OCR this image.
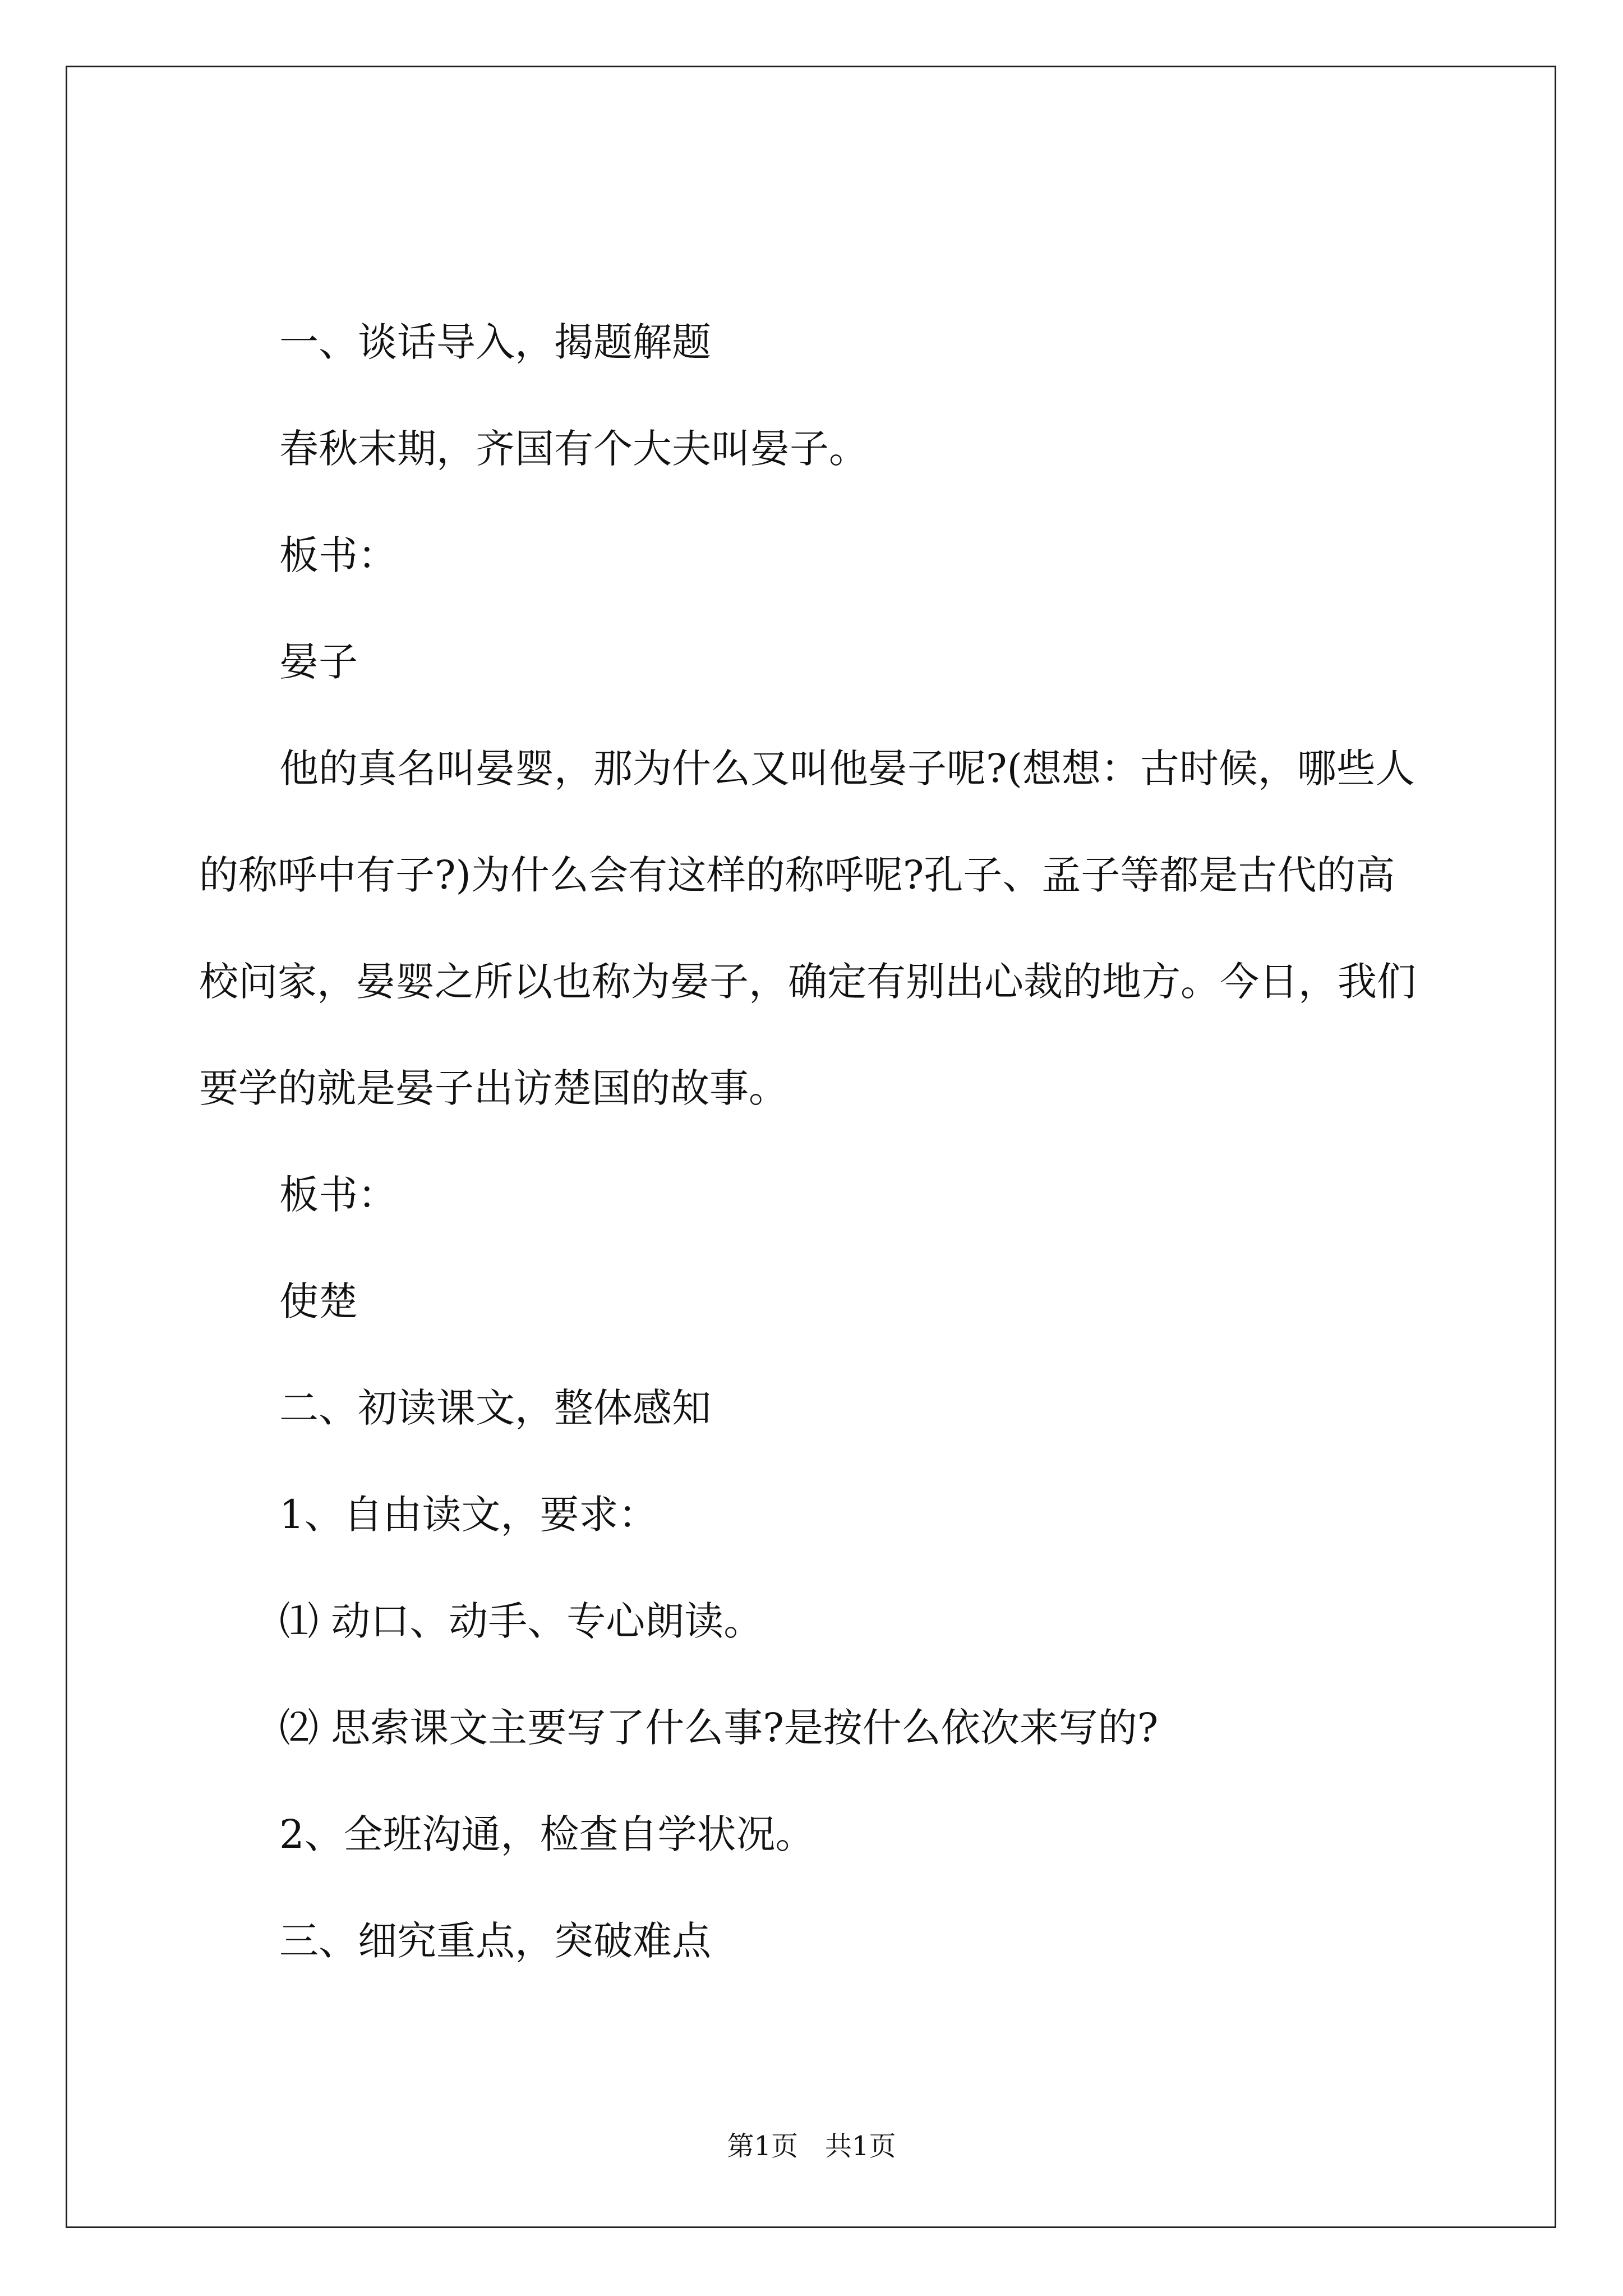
一、谈话导入，揭题解题

春秋末期，齐国有个大夫叫晏子。

板书：

晏子

他的真名叫晏婴，那为什么又叫他晏子呢?(想想：古时候，哪些人的称呼中有子?)为什么会有这样的称呼呢?孔子、孟子等都是古代的高校问家，晏婴之所以也称为晏子，确定有别出心裁的地方。今日，我们要学的就是晏子出访楚国的故事。

板书：

使楚

二、初读课文，整体感知

1、自由读文，要求：

⑴ 动口、动手、专心朗读。

⑵ 思索课文主要写了什么事?是按什么依次来写的?

2、全班沟通，检查自学状况。

三、细究重点，突破难点

第1页 共1页
